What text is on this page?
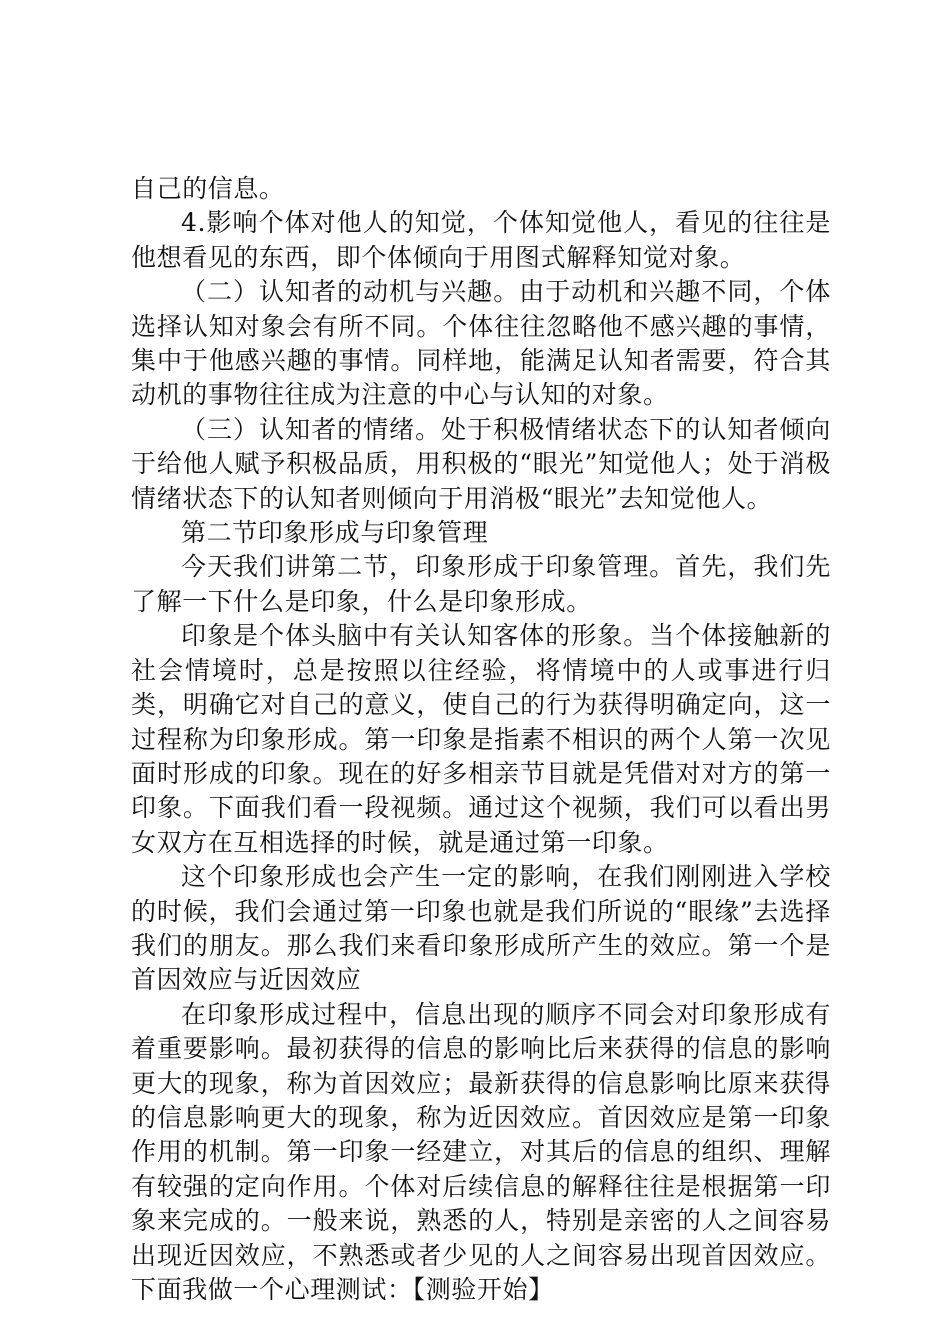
自己的信息。

4.影响个体对他人的知觉，个体知觉他人，看见的往往是他想看见的东西，即个体倾向于用图式解释知觉对象。

（二）认知者的动机与兴趣。由于动机和兴趣不同，个体选择认知对象会有所不同。个体往往忽略他不感兴趣的事情，集中于他感兴趣的事情。同样地，能满足认知者需要，符合其动机的事物往往成为注意的中心与认知的对象。

（三）认知者的情绪。处于积极情绪状态下的认知者倾向于给他人赋予积极品质，用积极的“眼光”知觉他人；处于消极情绪状态下的认知者则倾向于用消极“眼光”去知觉他人。

第二节印象形成与印象管理

今天我们讲第二节，印象形成于印象管理。首先，我们先了解一下什么是印象，什么是印象形成。

印象是个体头脑中有关认知客体的形象。当个体接触新的社会情境时，总是按照以往经验，将情境中的人或事进行归类，明确它对自己的意义，使自己的行为获得明确定向，这一过程称为印象形成。第一印象是指素不相识的两个人第一次见面时形成的印象。现在的好多相亲节目就是凭借对对方的第一印象。下面我们看一段视频。通过这个视频，我们可以看出男女双方在互相选择的时候，就是通过第一印象。

这个印象形成也会产生一定的影响，在我们刚刚进入学校的时候，我们会通过第一印象也就是我们所说的“眼缘”去选择我们的朋友。那么我们来看印象形成所产生的效应。第一个是首因效应与近因效应

在印象形成过程中，信息出现的顺序不同会对印象形成有着重要影响。最初获得的信息的影响比后来获得的信息的影响更大的现象，称为首因效应；最新获得的信息影响比原来获得的信息影响更大的现象，称为近因效应。首因效应是第一印象作用的机制。第一印象一经建立，对其后的信息的组织、理解有较强的定向作用。个体对后续信息的解释往往是根据第一印象来完成的。一般来说，熟悉的人，特别是亲密的人之间容易出现近因效应，不熟悉或者少见的人之间容易出现首因效应。下面我做一个心理测试：【测验开始】
